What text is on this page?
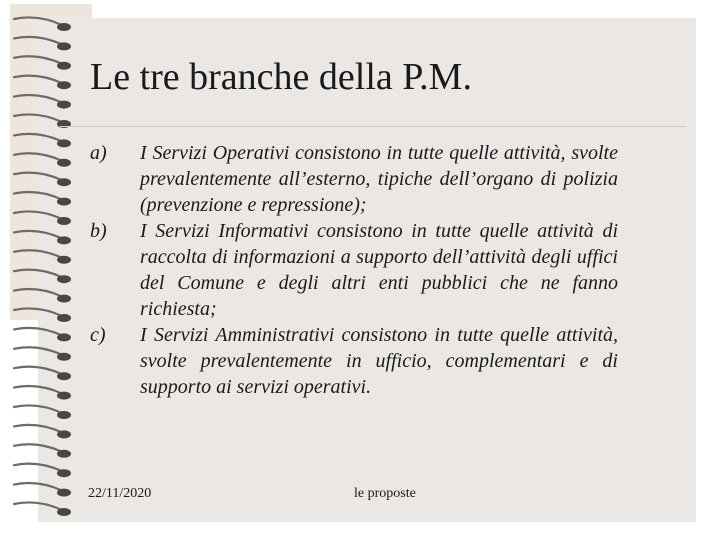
Le tre branche della P.M.
a)	I Servizi Operativi consistono in tutte quelle attività, svolte prevalentemente all’esterno, tipiche dell’organo di polizia (prevenzione e repressione);
b)	I Servizi Informativi consistono in tutte quelle attività di raccolta di informazioni a supporto dell’attività degli uffici del Comune e degli altri enti pubblici che ne fanno richiesta;
c)	I Servizi Amministrativi consistono in tutte quelle attività, svolte prevalentemente in ufficio, complementari e di supporto ai servizi operativi.
22/11/2020	le proposte
